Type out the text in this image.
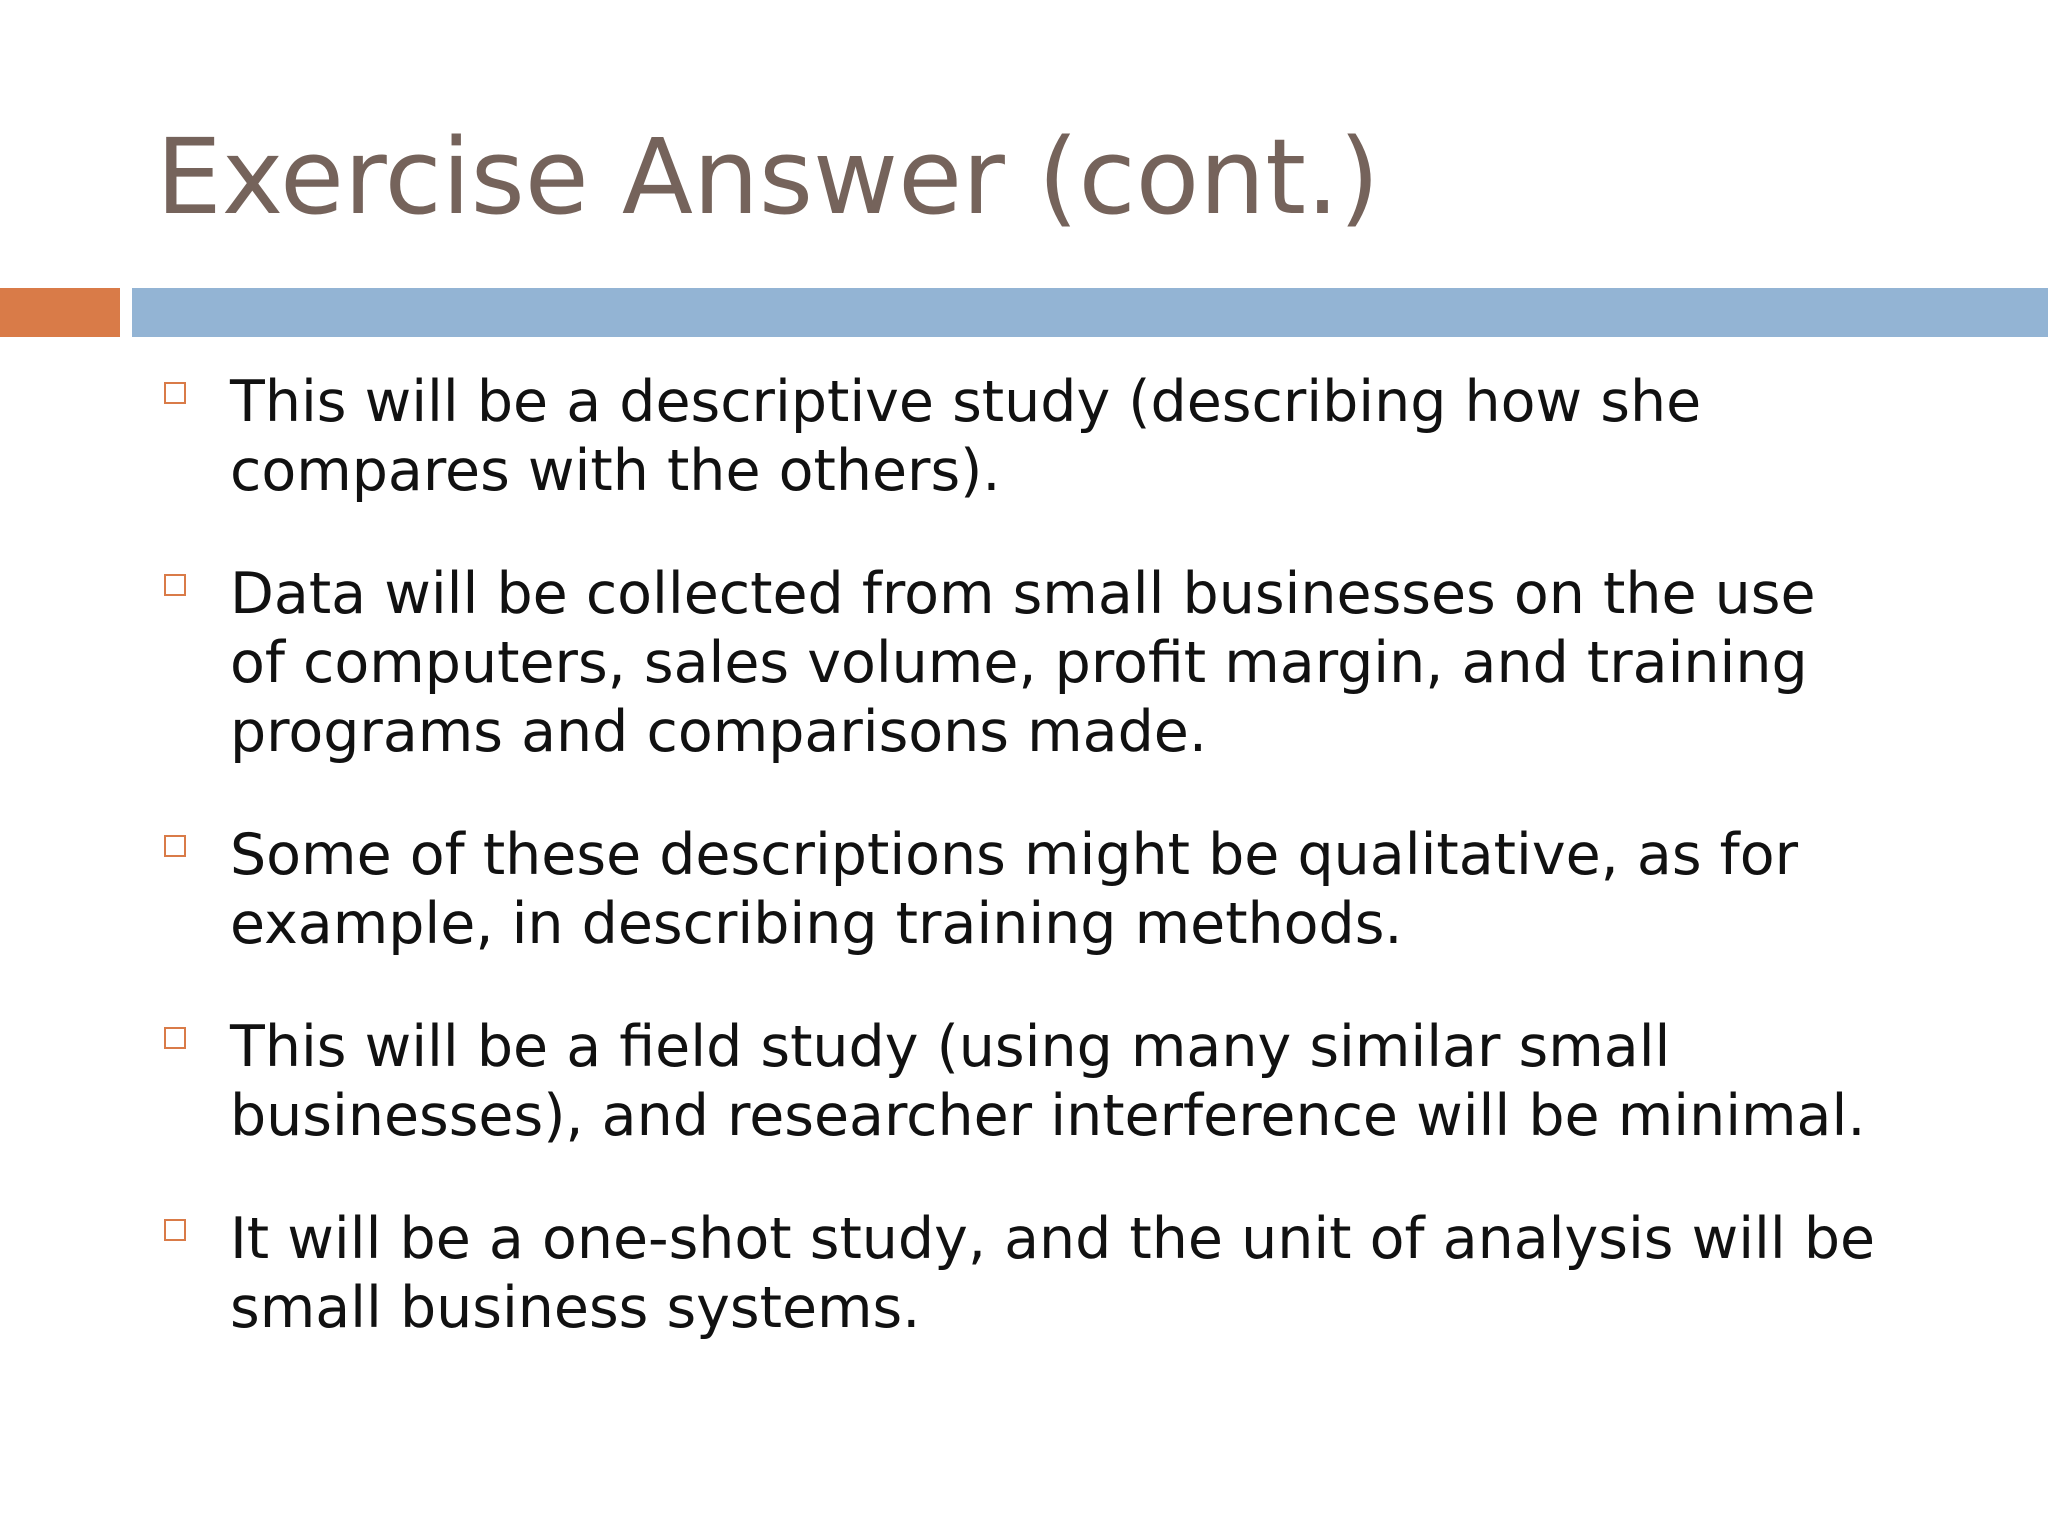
Exercise Answer (cont.)
This will be a descriptive study (describing how she compares with the others).
Data will be collected from small businesses on the use of computers, sales volume, profit margin, and training programs and comparisons made.
Some of these descriptions might be qualitative, as for example, in describing training methods.
This will be a field study (using many similar small businesses), and researcher interference will be minimal.
It will be a one-shot study, and the unit of analysis will be small business systems.
